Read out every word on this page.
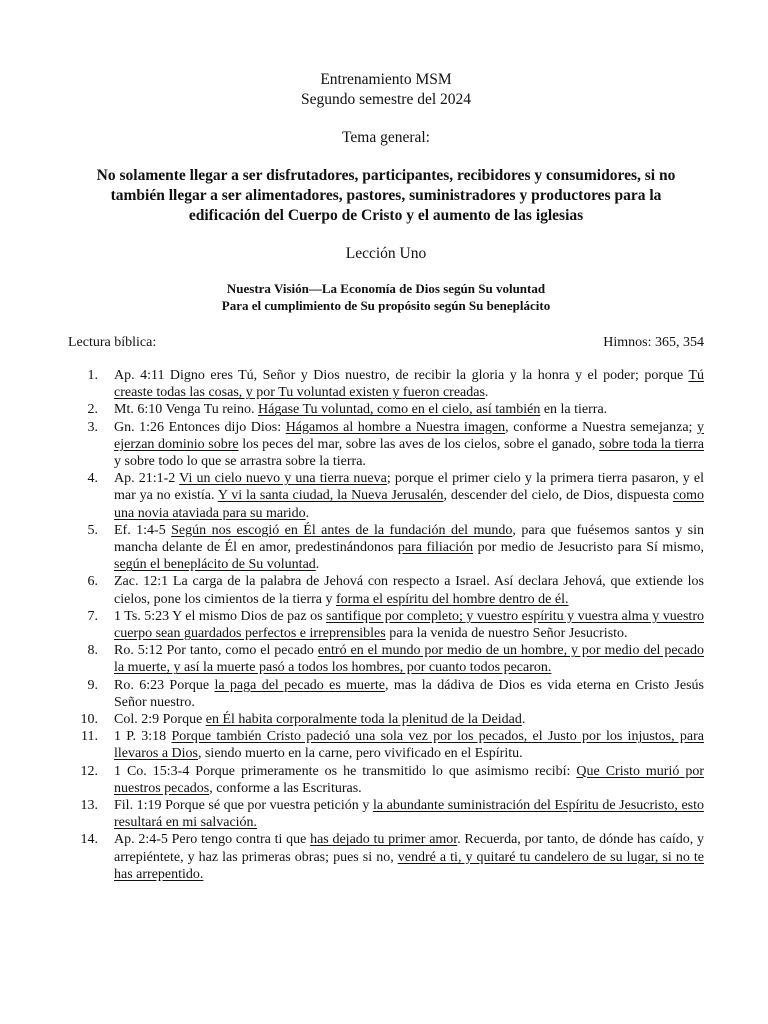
Entrenamiento MSM
Segundo semestre del 2024
Tema general:
No solamente llegar a ser disfrutadores, participantes, recibidores y consumidores, si no también llegar a ser alimentadores, pastores, suministradores y productores para la edificación del Cuerpo de Cristo y el aumento de las iglesias
Lección Uno
Nuestra Visión—La Economía de Dios según Su voluntad
Para el cumplimiento de Su propósito según Su beneplácito
Lectura bíblica:	Himnos: 365, 354
1.	Ap. 4:11 Digno eres Tú, Señor y Dios nuestro, de recibir la gloria y la honra y el poder; porque Tú creaste todas las cosas, y por Tu voluntad existen y fueron creadas.
2.	Mt. 6:10 Venga Tu reino. Hágase Tu voluntad, como en el cielo, así también en la tierra.
3.	Gn. 1:26 Entonces dijo Dios: Hágamos al hombre a Nuestra imagen, conforme a Nuestra semejanza; y ejerzan dominio sobre los peces del mar, sobre las aves de los cielos, sobre el ganado, sobre toda la tierra y sobre todo lo que se arrastra sobre la tierra.
4.	Ap. 21:1-2 Vi un cielo nuevo y una tierra nueva; porque el primer cielo y la primera tierra pasaron, y el mar ya no existía. Y vi la santa ciudad, la Nueva Jerusalén, descender del cielo, de Dios, dispuesta como una novia ataviada para su marido.
5.	Ef. 1:4-5 Según nos escogió en Él antes de la fundación del mundo, para que fuésemos santos y sin mancha delante de Él en amor, predestinándonos para filiación por medio de Jesucristo para Sí mismo, según el beneplácito de Su voluntad.
6.	Zac. 12:1 La carga de la palabra de Jehová con respecto a Israel. Así declara Jehová, que extiende los cielos, pone los cimientos de la tierra y forma el espíritu del hombre dentro de él.
7.	1 Ts. 5:23 Y el mismo Dios de paz os santifique por completo; y vuestro espíritu y vuestra alma y vuestro cuerpo sean guardados perfectos e irreprensibles para la venida de nuestro Señor Jesucristo.
8.	Ro. 5:12 Por tanto, como el pecado entró en el mundo por medio de un hombre, y por medio del pecado la muerte, y así la muerte pasó a todos los hombres, por cuanto todos pecaron.
9.	Ro. 6:23 Porque la paga del pecado es muerte, mas la dádiva de Dios es vida eterna en Cristo Jesús Señor nuestro.
10.	Col. 2:9 Porque en Él habita corporalmente toda la plenitud de la Deidad.
11.	1 P. 3:18 Porque también Cristo padeció una sola vez por los pecados, el Justo por los injustos, para llevaros a Dios, siendo muerto en la carne, pero vivificado en el Espíritu.
12.	1 Co. 15:3-4 Porque primeramente os he transmitido lo que asimismo recibí: Que Cristo murió por nuestros pecados, conforme a las Escrituras.
13.	Fil. 1:19 Porque sé que por vuestra petición y la abundante suministración del Espíritu de Jesucristo, esto resultará en mi salvación.
14.	Ap. 2:4-5 Pero tengo contra ti que has dejado tu primer amor. Recuerda, por tanto, de dónde has caído, y arrepiéntete, y haz las primeras obras; pues si no, vendré a ti, y quitaré tu candelero de su lugar, si no te has arrepentido.
